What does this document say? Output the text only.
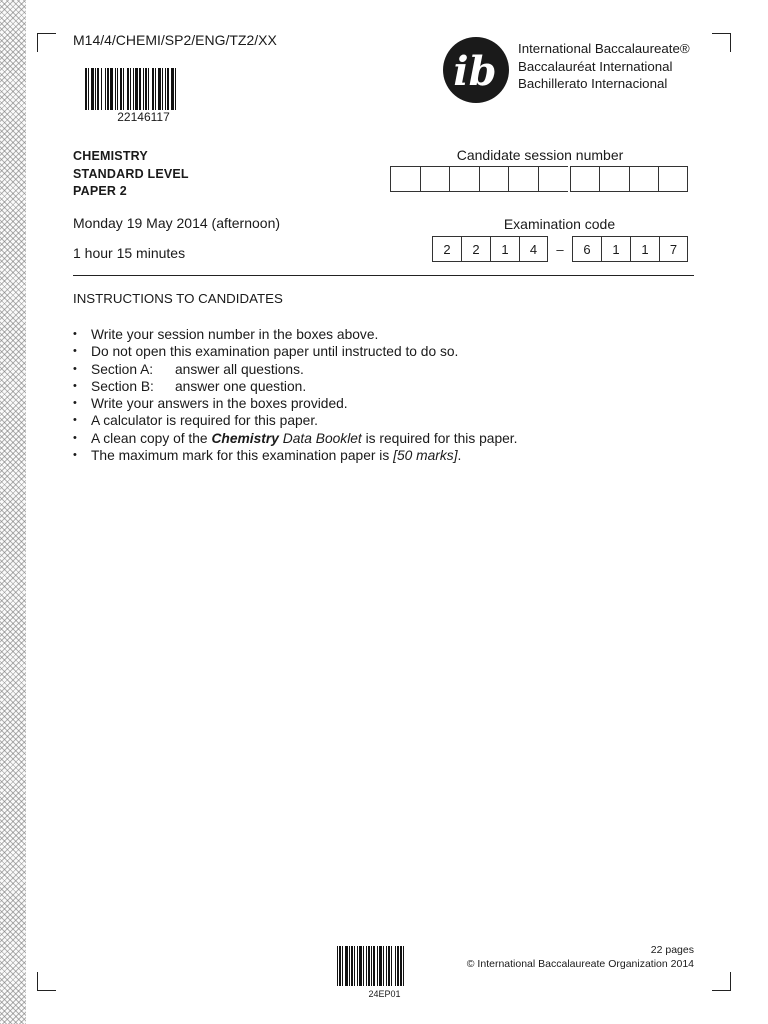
M14/4/CHEMI/SP2/ENG/TZ2/XX
22146117
ib International Baccalaureate®
Baccalauréat International
Bachillerato Internacional
CHEMISTRY
STANDARD LEVEL
PAPER 2
Monday 19 May 2014 (afternoon)
1 hour 15 minutes
Candidate session number
Examination code
2	2	1	4	–	6	1	1	7
INSTRUCTIONS TO CANDIDATES
•	Write your session number in the boxes above.
•	Do not open this examination paper until instructed to do so.
•	Section A:	answer all questions.
•	Section B:	answer one question.
•	Write your answers in the boxes provided.
•	A calculator is required for this paper.
•	A clean copy of the Chemistry Data Booklet is required for this paper.
•	The maximum mark for this examination paper is [50 marks].
22 pages
© International Baccalaureate Organization 2014
24EP01
